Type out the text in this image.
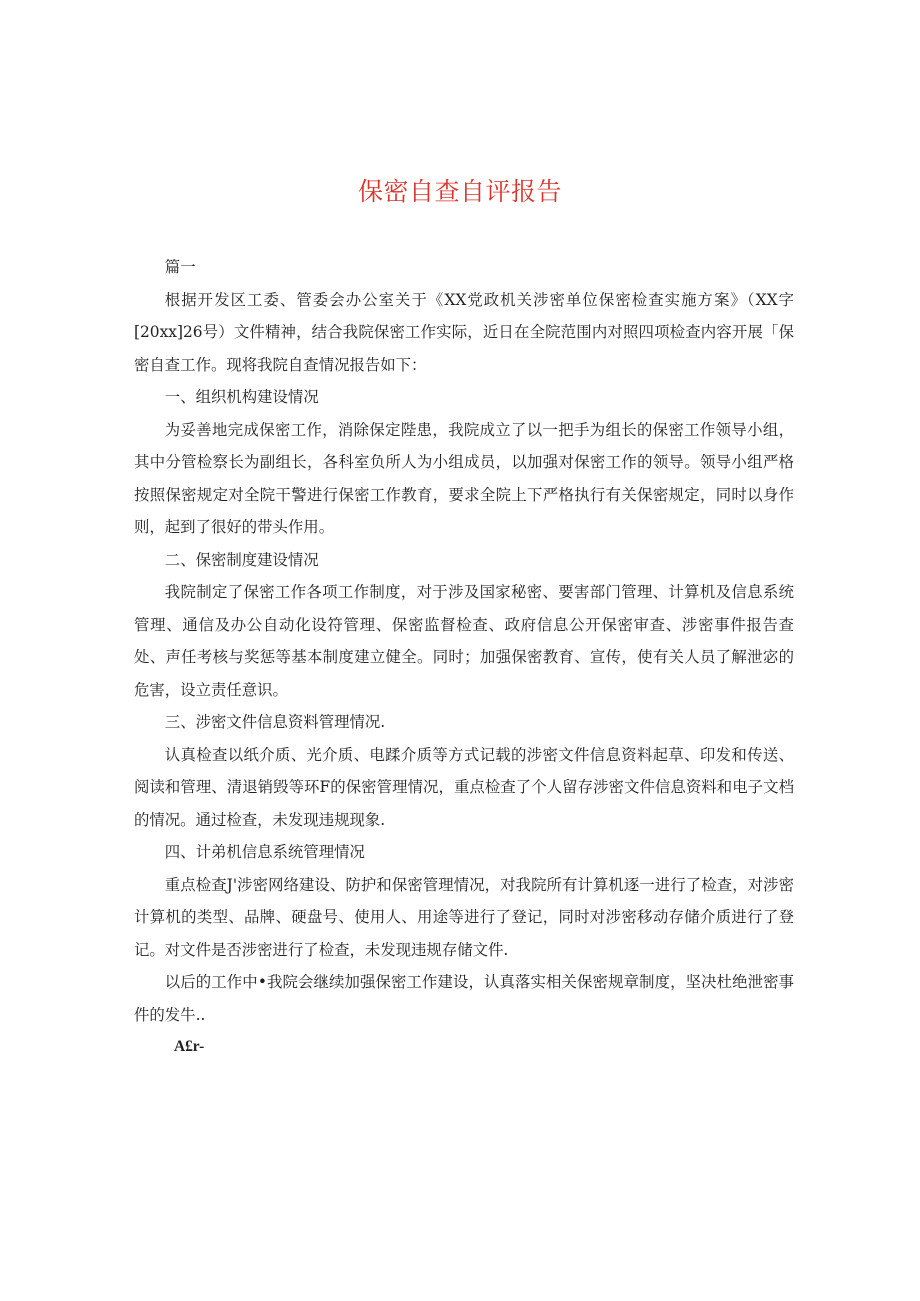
保密自查自评报告

篇一

根据开发区工委、管委会办公室关于《XX党政机关涉密单位保密检查实施方案》（XX字[20xx]26号）文件精神，结合我院保密工作实际，近日在全院范围内对照四项检查内容开展「保密自查工作。现将我院自查情况报告如下：

一、组织机构建设情况

为妥善地完成保密工作，消除保定陛患，我院成立了以一把手为组长的保密工作领导小组，其中分管检察长为副组长，各科室负所人为小组成员，以加强对保密工作的领导。领导小组严格按照保密规定对全院干警进行保密工作教育，要求全院上下严格执行有关保密规定，同时以身作则，起到了很好的带头作用。

二、保密制度建设情况

我院制定了保密工作各项工作制度，对于涉及国家秘密、要害部门管理、计算机及信息系统管理、通信及办公自动化设符管理、保密监督检查、政府信息公开保密审查、涉密事件报告查处、声任考核与奖惩等基本制度建立健全。同时；加强保密教育、宣传，使有关人员了解泄宓的危害，设立责任意识。

三、涉密文件信息资料管理情况.

认真检查以纸介质、光介质、电蹂介质等方式记载的涉密文件信息资料起草、印发和传送、阅读和管理、清退销毁等环F的保密管理情况，重点检查了个人留存涉密文件信息资料和电子文档的情况。通过检查，未发现违规现象.

四、计弟机信息系统管理情况

重点检查J'涉密网络建设、防护和保密管理情况，对我院所有计算机逐一进行了检查，对涉密计算机的类型、品牌、硬盘号、使用人、用途等进行了登记，同时对涉密移动存储介质进行了登记。对文件是否涉密进行了检查，未发现违规存储文件.

以后的工作中•我院会继续加强保密工作建设，认真落实相关保密规章制度，坚决杜绝泄密事件的发牛..

A£r-
